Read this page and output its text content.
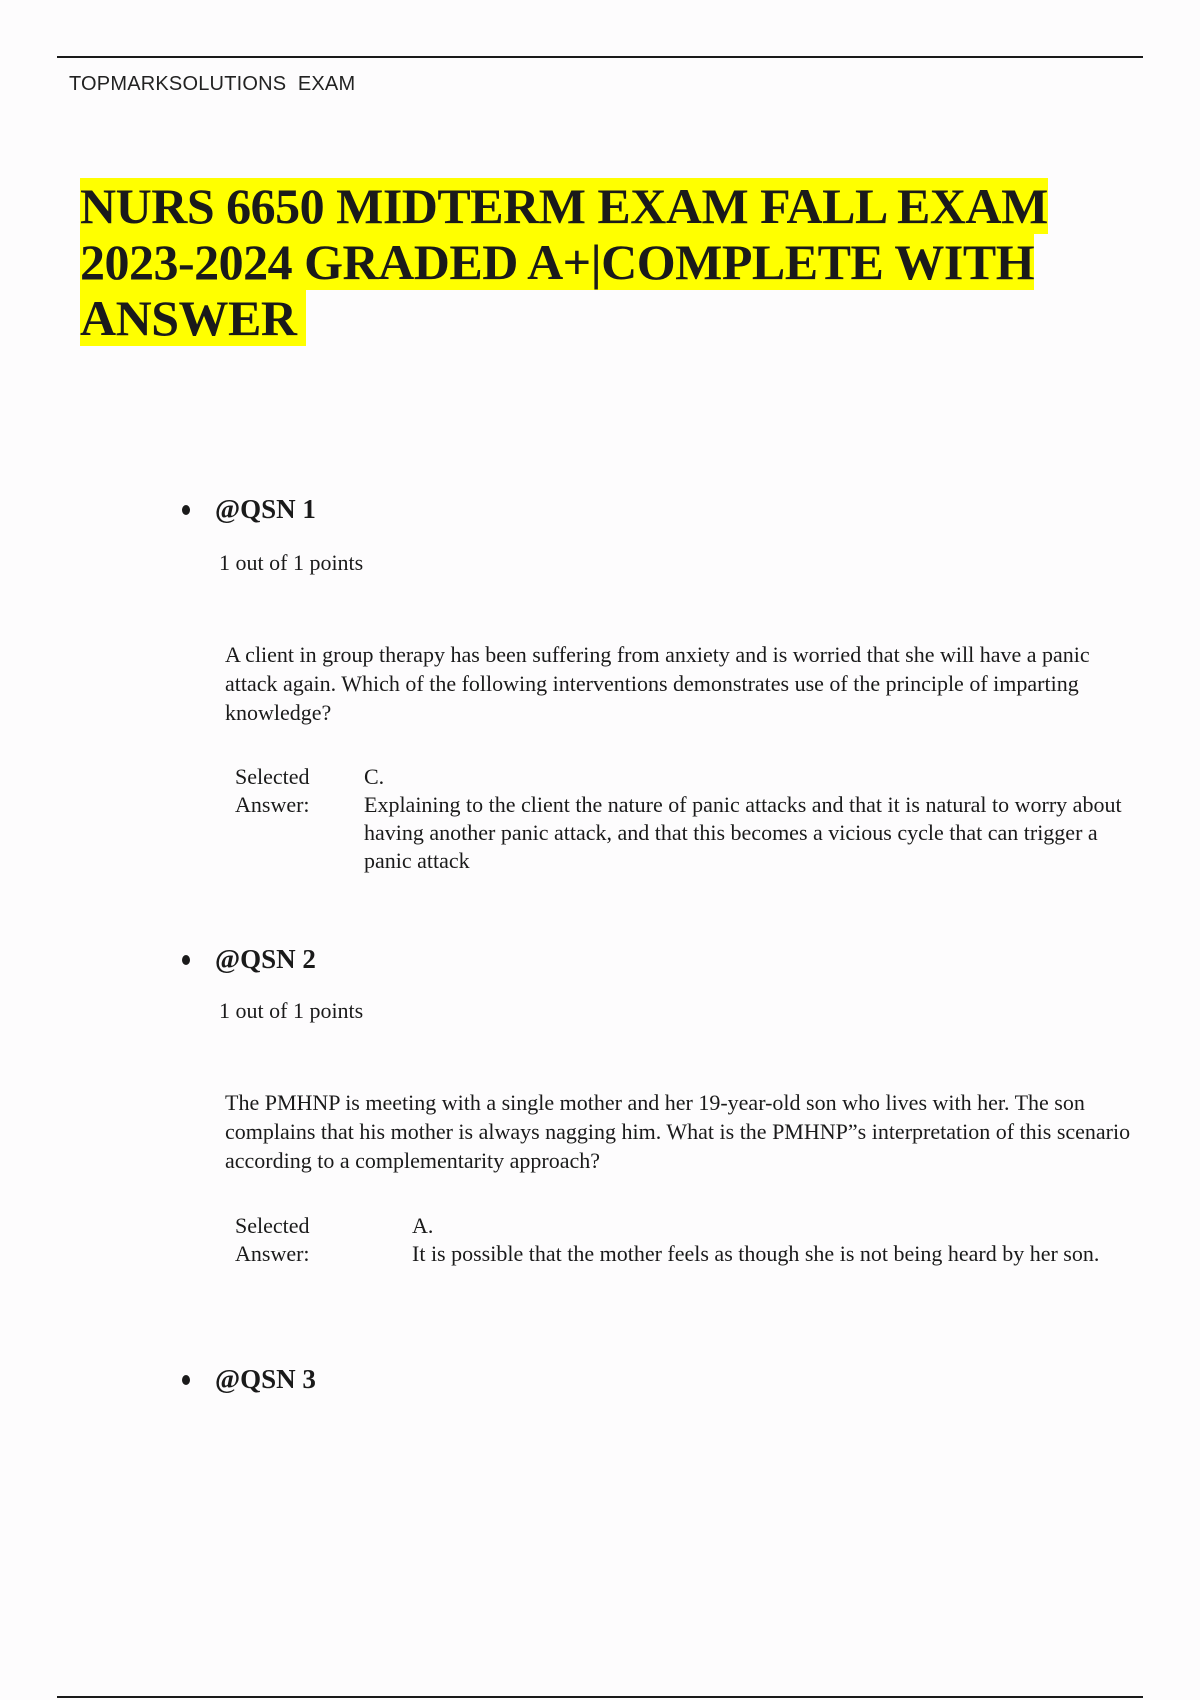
TOPMARKSOLUTIONS  EXAM
NURS 6650 MIDTERM EXAM FALL EXAM 2023-2024 GRADED A+|COMPLETE WITH ANSWER
@QSN 1
1 out of 1 points

A client in group therapy has been suffering from anxiety and is worried that she will have a panic attack again. Which of the following interventions demonstrates use of the principle of imparting knowledge?

Selected Answer:
C.
Explaining to the client the nature of panic attacks and that it is natural to worry about having another panic attack, and that this becomes a vicious cycle that can trigger a panic attack
@QSN 2
1 out of 1 points

The PMHNP is meeting with a single mother and her 19-year-old son who lives with her. The son complains that his mother is always nagging him. What is the PMHNP”s interpretation of this scenario according to a complementarity approach?

Selected Answer:
A.
It is possible that the mother feels as though she is not being heard by her son.
@QSN 3
